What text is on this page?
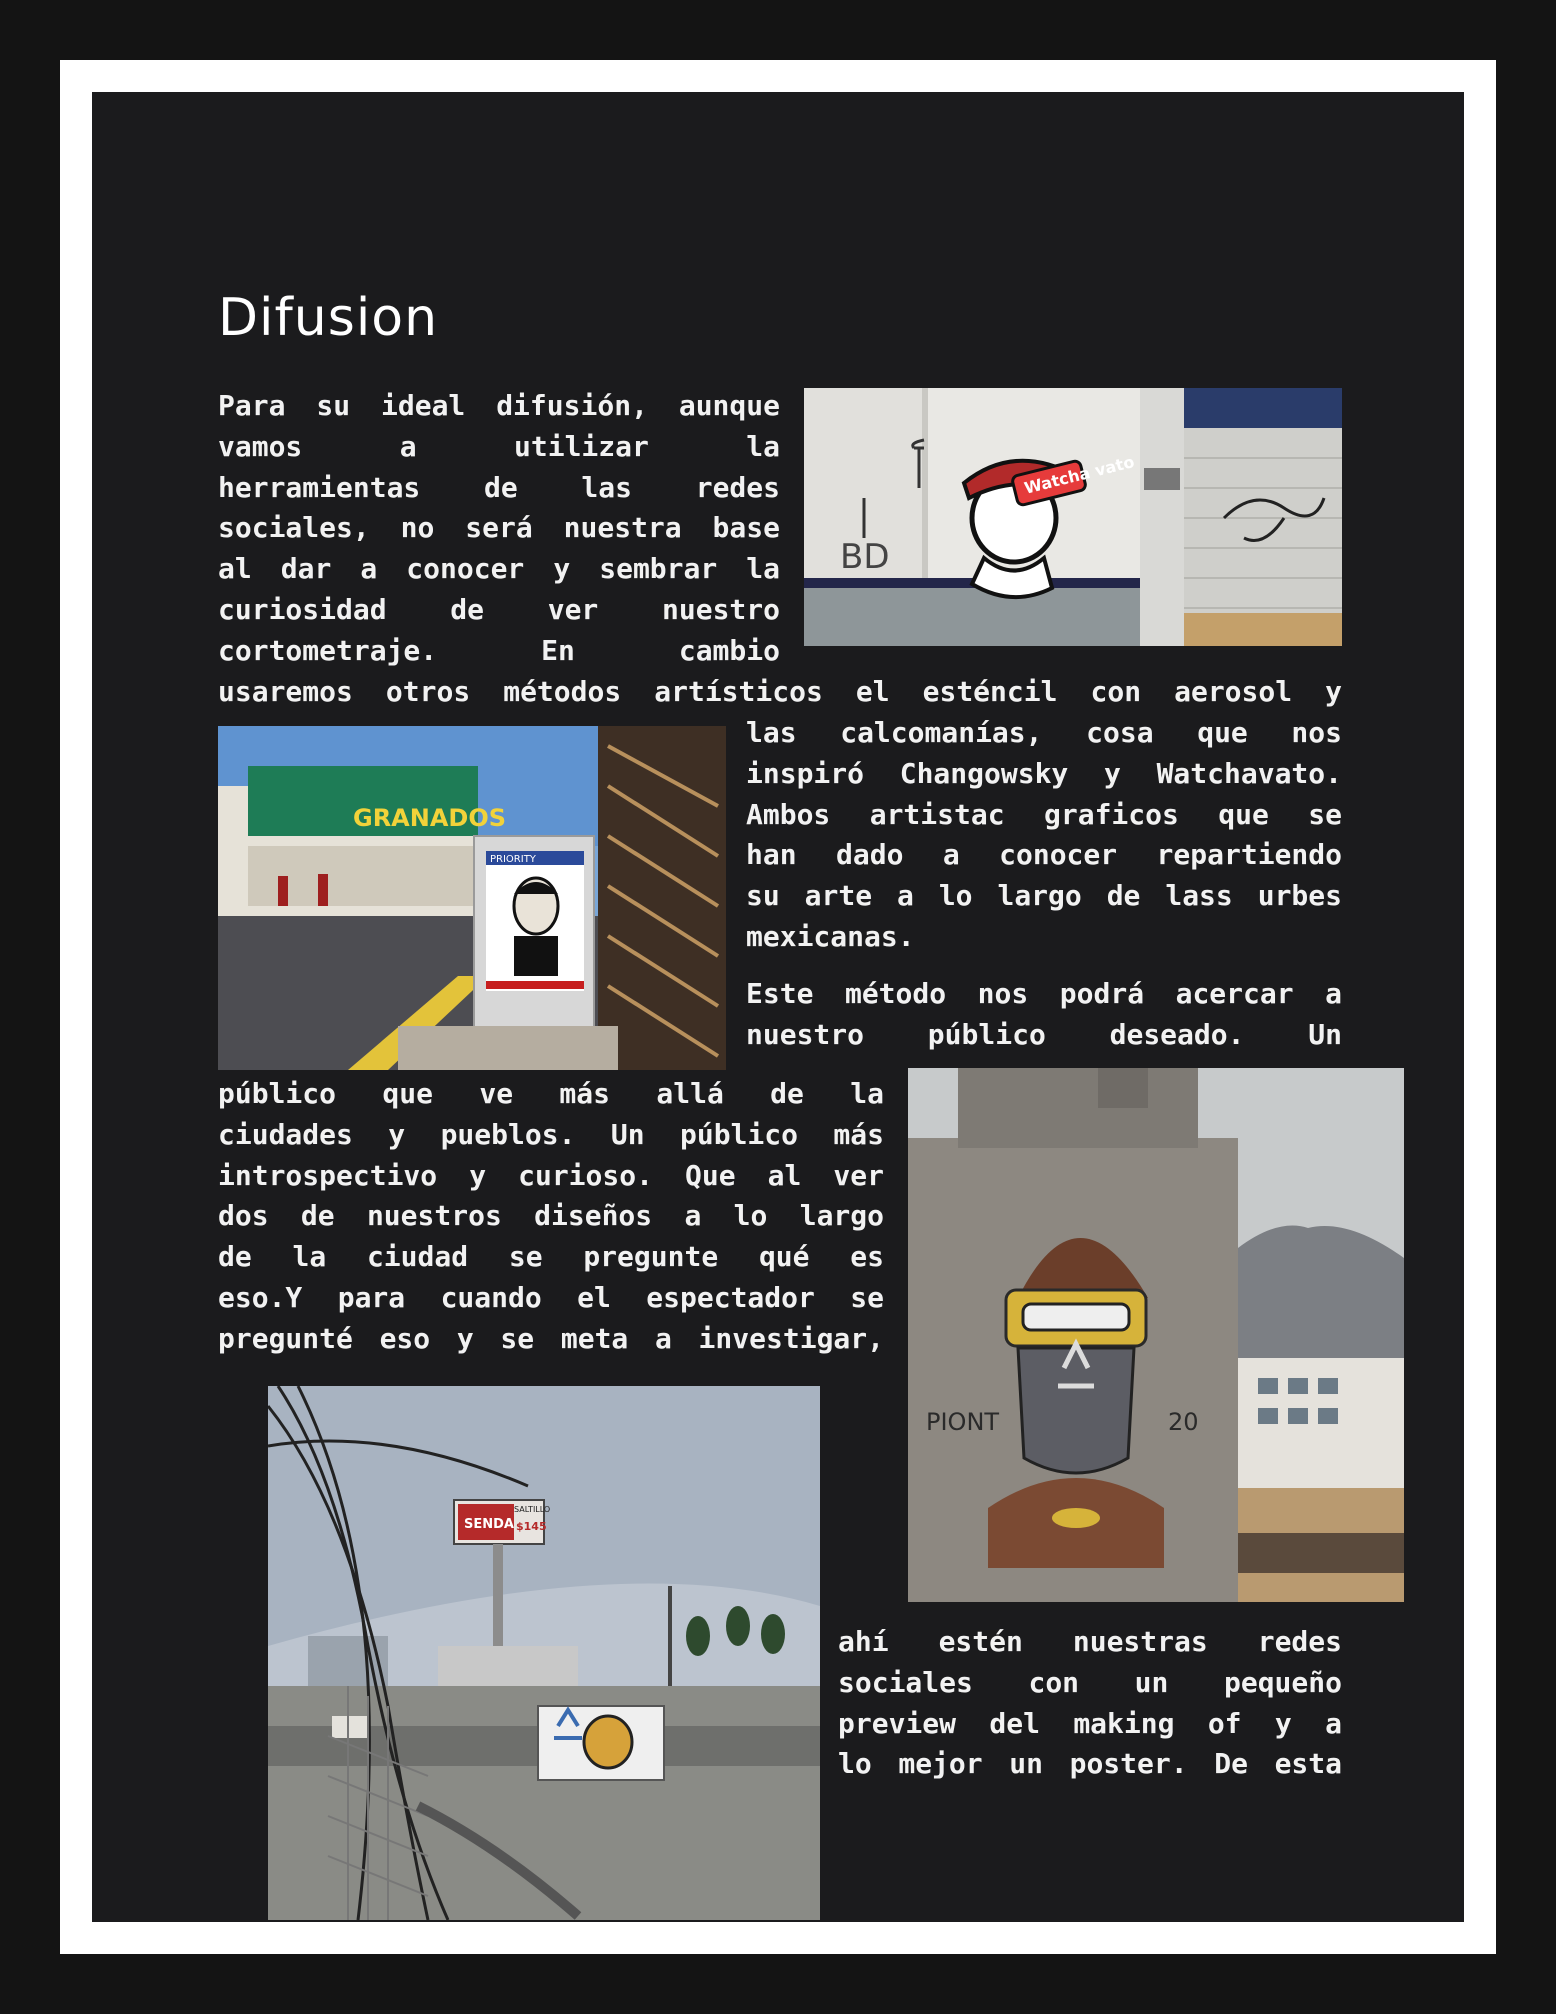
Difusion
Para su ideal difusión, aunque
vamos a utilizar la
herramientas de las redes
sociales, no será nuestra base
al dar a conocer y sembrar la
curiosidad de ver nuestro
cortometraje. En cambio
usaremos otros métodos artísticos el esténcil con aerosol y
las calcomanías, cosa que nos
inspiró Changowsky y Watchavato.
Ambos artistac graficos que se
han dado a conocer repartiendo
su arte a lo largo de lass urbes
mexicanas.
Este método nos podrá acercar a
nuestro público deseado. Un
público que ve más allá de la
ciudades y pueblos. Un público más
introspectivo y curioso. Que al ver
dos de nuestros diseños a lo largo
de la ciudad se pregunte qué es
eso.Y para cuando el espectador se
pregunté eso y se meta a investigar,
ahí estén nuestras redes
sociales con un pequeño
preview del making of y a
lo mejor un poster. De esta
Watcha vato
BD
GRANADOS
PRIORITY
PIONT	20
SENDA
SALTILLO
$145
